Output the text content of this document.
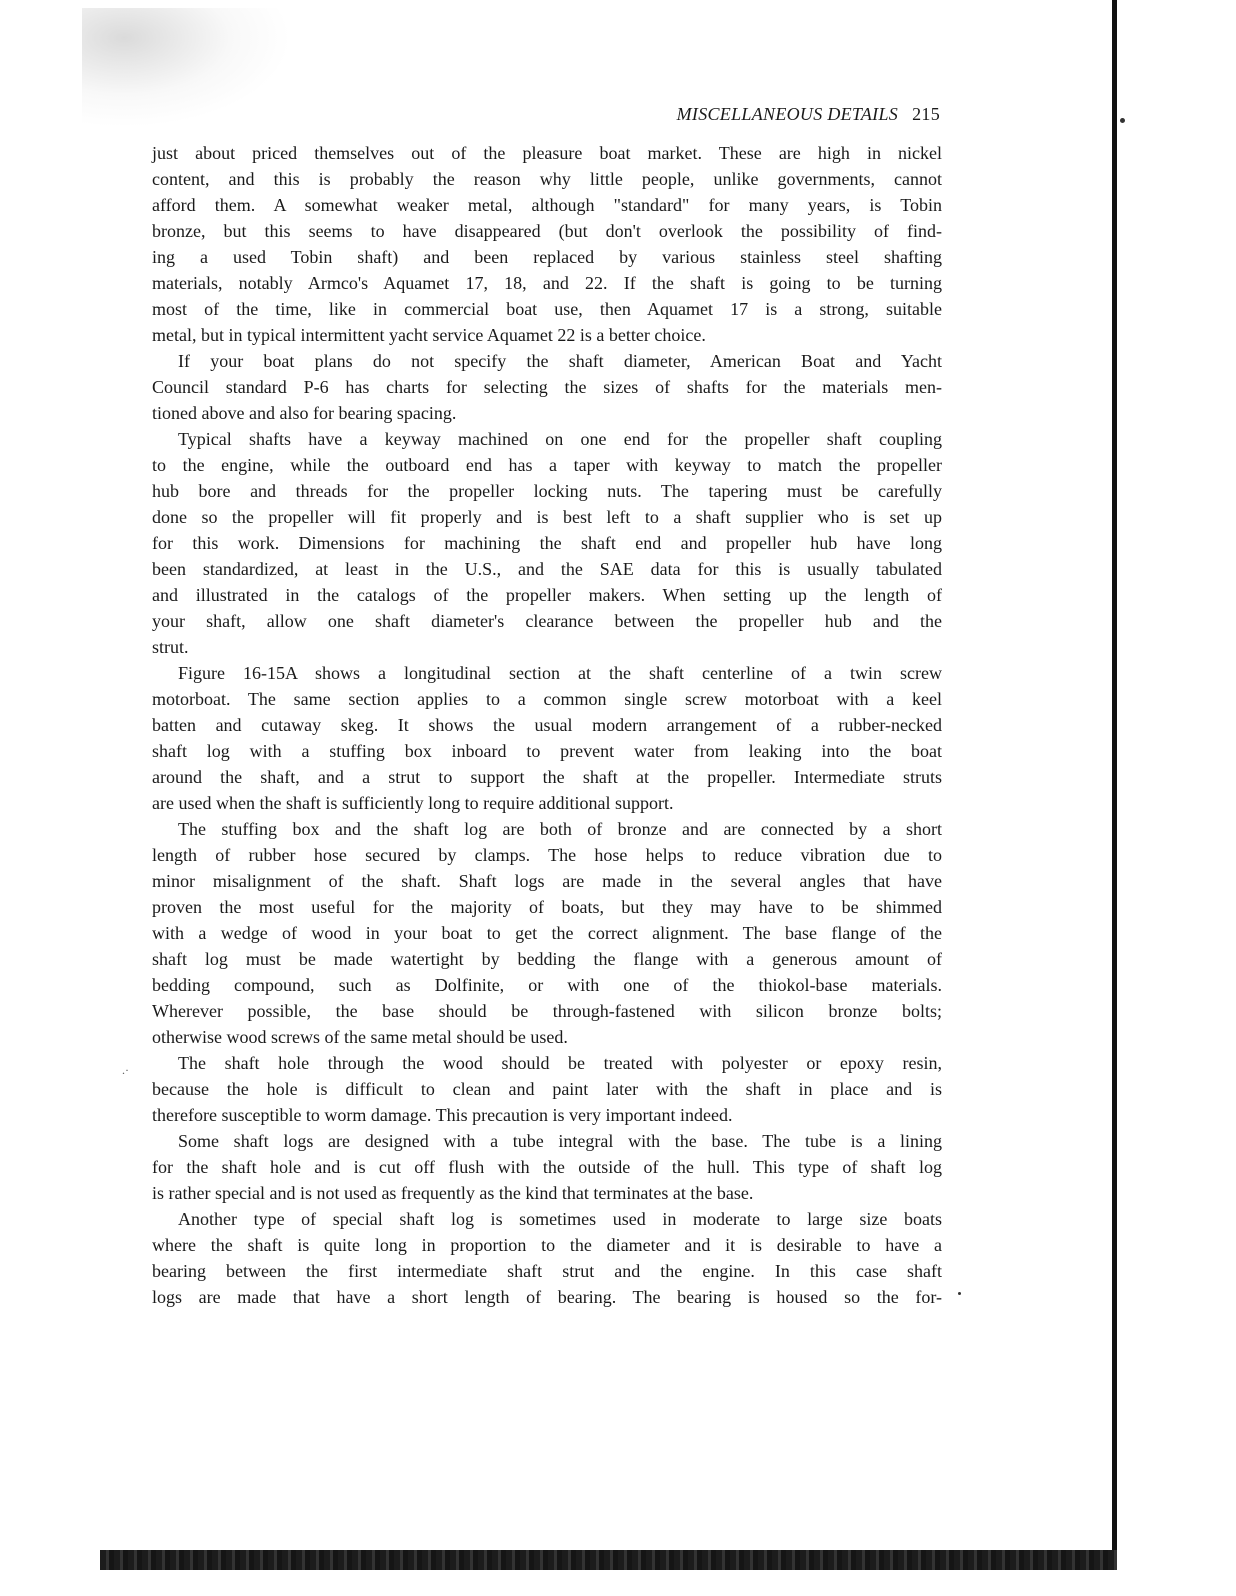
MISCELLANEOUS DETAILS 215
just about priced themselves out of the pleasure boat market. These are high in nickel
content, and this is probably the reason why little people, unlike governments, cannot
afford them. A somewhat weaker metal, although "standard" for many years, is Tobin
bronze, but this seems to have disappeared (but don't overlook the possibility of find-
ing a used Tobin shaft) and been replaced by various stainless steel shafting
materials, notably Armco's Aquamet 17, 18, and 22. If the shaft is going to be turning
most of the time, like in commercial boat use, then Aquamet 17 is a strong, suitable
metal, but in typical intermittent yacht service Aquamet 22 is a better choice.
If your boat plans do not specify the shaft diameter, American Boat and Yacht
Council standard P-6 has charts for selecting the sizes of shafts for the materials men-
tioned above and also for bearing spacing.
Typical shafts have a keyway machined on one end for the propeller shaft coupling
to the engine, while the outboard end has a taper with keyway to match the propeller
hub bore and threads for the propeller locking nuts. The tapering must be carefully
done so the propeller will fit properly and is best left to a shaft supplier who is set up
for this work. Dimensions for machining the shaft end and propeller hub have long
been standardized, at least in the U.S., and the SAE data for this is usually tabulated
and illustrated in the catalogs of the propeller makers. When setting up the length of
your shaft, allow one shaft diameter's clearance between the propeller hub and the
strut.
Figure 16-15A shows a longitudinal section at the shaft centerline of a twin screw
motorboat. The same section applies to a common single screw motorboat with a keel
batten and cutaway skeg. It shows the usual modern arrangement of a rubber-necked
shaft log with a stuffing box inboard to prevent water from leaking into the boat
around the shaft, and a strut to support the shaft at the propeller. Intermediate struts
are used when the shaft is sufficiently long to require additional support.
The stuffing box and the shaft log are both of bronze and are connected by a short
length of rubber hose secured by clamps. The hose helps to reduce vibration due to
minor misalignment of the shaft. Shaft logs are made in the several angles that have
proven the most useful for the majority of boats, but they may have to be shimmed
with a wedge of wood in your boat to get the correct alignment. The base flange of the
shaft log must be made watertight by bedding the flange with a generous amount of
bedding compound, such as Dolfinite, or with one of the thiokol-base materials.
Wherever possible, the base should be through-fastened with silicon bronze bolts;
otherwise wood screws of the same metal should be used.
The shaft hole through the wood should be treated with polyester or epoxy resin,
because the hole is difficult to clean and paint later with the shaft in place and is
therefore susceptible to worm damage. This precaution is very important indeed.
Some shaft logs are designed with a tube integral with the base. The tube is a lining
for the shaft hole and is cut off flush with the outside of the hull. This type of shaft log
is rather special and is not used as frequently as the kind that terminates at the base.
Another type of special shaft log is sometimes used in moderate to large size boats
where the shaft is quite long in proportion to the diameter and it is desirable to have a
bearing between the first intermediate shaft strut and the engine. In this case shaft
logs are made that have a short length of bearing. The bearing is housed so the for-
.·
